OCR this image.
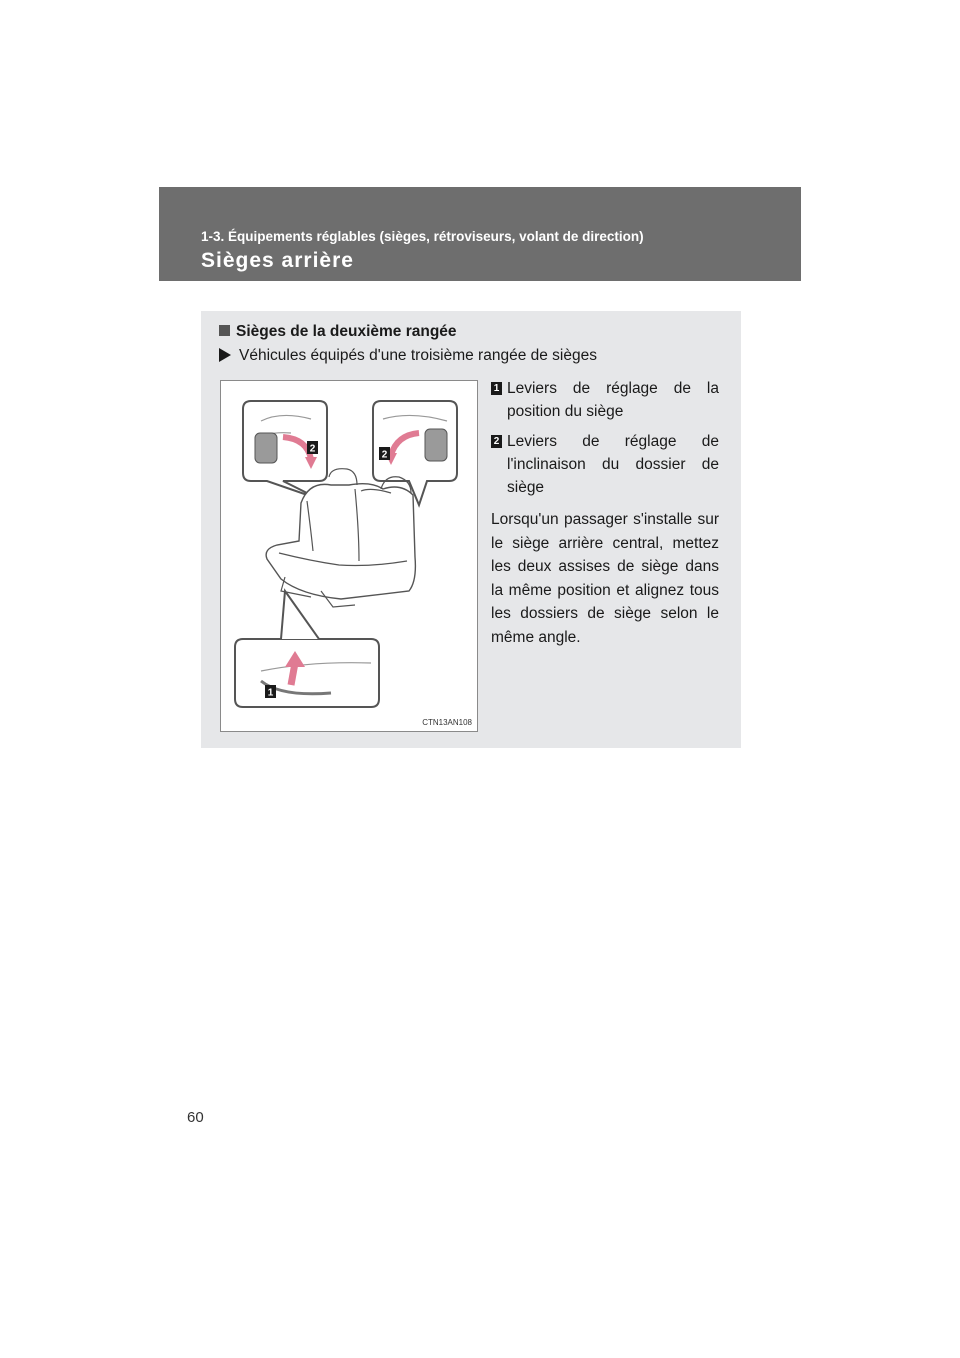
1-3. Équipements réglables (sièges, rétroviseurs, volant de direction)
Sièges arrière
Sièges de la deuxième rangée
Véhicules équipés d'une troisième rangée de sièges
1
2
2
CTN13AN108
1 Leviers de réglage de la position du siège
2 Leviers de réglage de l'inclinaison du dossier de siège
Lorsqu'un passager s'installe sur le siège arrière central, mettez les deux assises de siège dans la même position et alignez tous les dossiers de siège selon le même angle.
60
